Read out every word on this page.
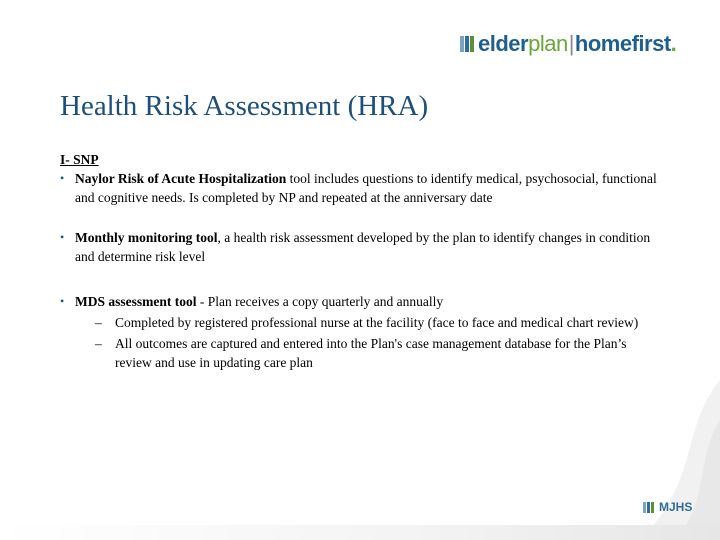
elderplan|homefirst.
Health Risk Assessment (HRA)
I- SNP
• Naylor Risk of Acute Hospitalization tool includes questions to identify medical, psychosocial, functional and cognitive needs. Is completed by NP and repeated at the anniversary date
• Monthly monitoring tool, a health risk assessment developed by the plan to identify changes in condition and determine risk level
• MDS assessment tool - Plan receives a copy quarterly and annually
– Completed by registered professional nurse at the facility (face to face and medical chart review)
– All outcomes are captured and entered into the Plan's case management database for the Plan’s review and use in updating care plan
MJHS
